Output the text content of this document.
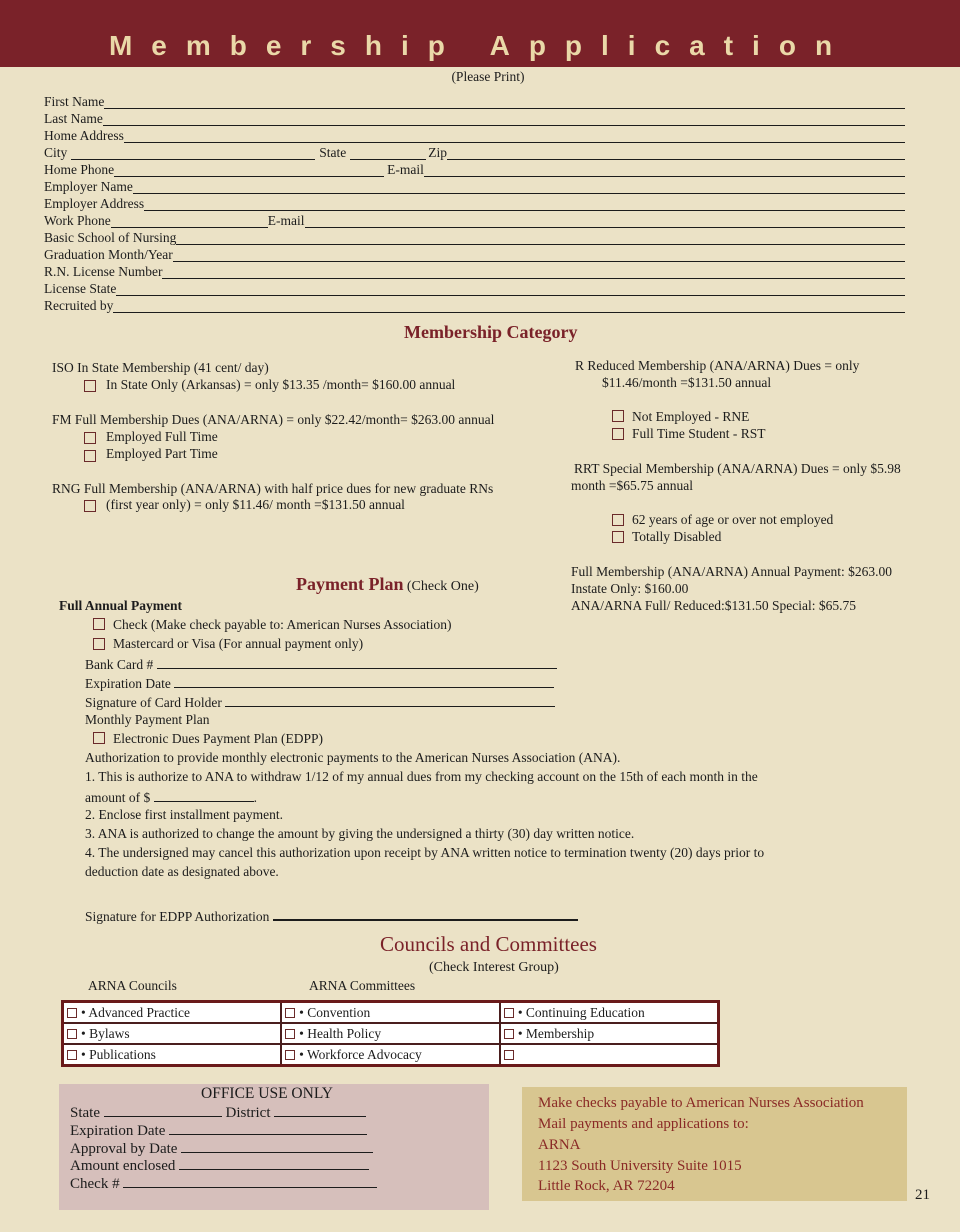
Membership Application
(Please Print)
First Name
Last Name
Home Address
City	State	Zip
Home Phone	E-mail
Employer Name
Employer Address
Work Phone	E-mail
Basic School of Nursing
Graduation Month/Year
R.N. License Number
License State
Recruited by
Membership Category
ISO In State Membership (41 cent/ day)
In State Only (Arkansas) = only $13.35 /month= $160.00 annual
FM Full Membership Dues (ANA/ARNA) = only $22.42/month= $263.00 annual
Employed Full Time
Employed Part Time
RNG Full Membership (ANA/ARNA) with half price dues for new graduate RNs
(first year only) = only $11.46/ month =$131.50 annual
R Reduced Membership (ANA/ARNA) Dues = only
$11.46/month =$131.50 annual
Not Employed - RNE
Full Time Student - RST
RRT Special Membership (ANA/ARNA) Dues = only $5.98
month =$65.75 annual
62 years of age or over not employed
Totally Disabled
Full Membership (ANA/ARNA) Annual Payment: $263.00
Instate Only: $160.00
ANA/ARNA Full/ Reduced:$131.50 Special: $65.75
Payment Plan (Check One)
Full Annual Payment
Check (Make check payable to: American Nurses Association)
Mastercard or Visa (For annual payment only)
Bank Card #
Expiration Date
Signature of Card Holder
Monthly Payment Plan
Electronic Dues Payment Plan (EDPP)
Authorization to provide monthly electronic payments to the American Nurses Association (ANA).
1. This is authorize to ANA to withdraw 1/12 of my annual dues from my checking account on the 15th of each month in the
amount of $	.
2. Enclose first installment payment.
3. ANA is authorized to change the amount by giving the undersigned a thirty (30) day written notice.
4. The undersigned may cancel this authorization upon receipt by ANA written notice to termination twenty (20) days prior to
deduction date as designated above.
Signature for EDPP Authorization
Councils and Committees
(Check Interest Group)
ARNA Councils	ARNA Committees
• Advanced Practice	• Convention	• Continuing Education
• Bylaws	• Health Policy	• Membership
• Publications	• Workforce Advocacy	
OFFICE USE ONLY
State	District
Expiration Date
Approval by Date
Amount enclosed
Check #
Make checks payable to American Nurses Association
Mail payments and applications to:
ARNA
1123 South University Suite 1015
Little Rock, AR 72204
21
